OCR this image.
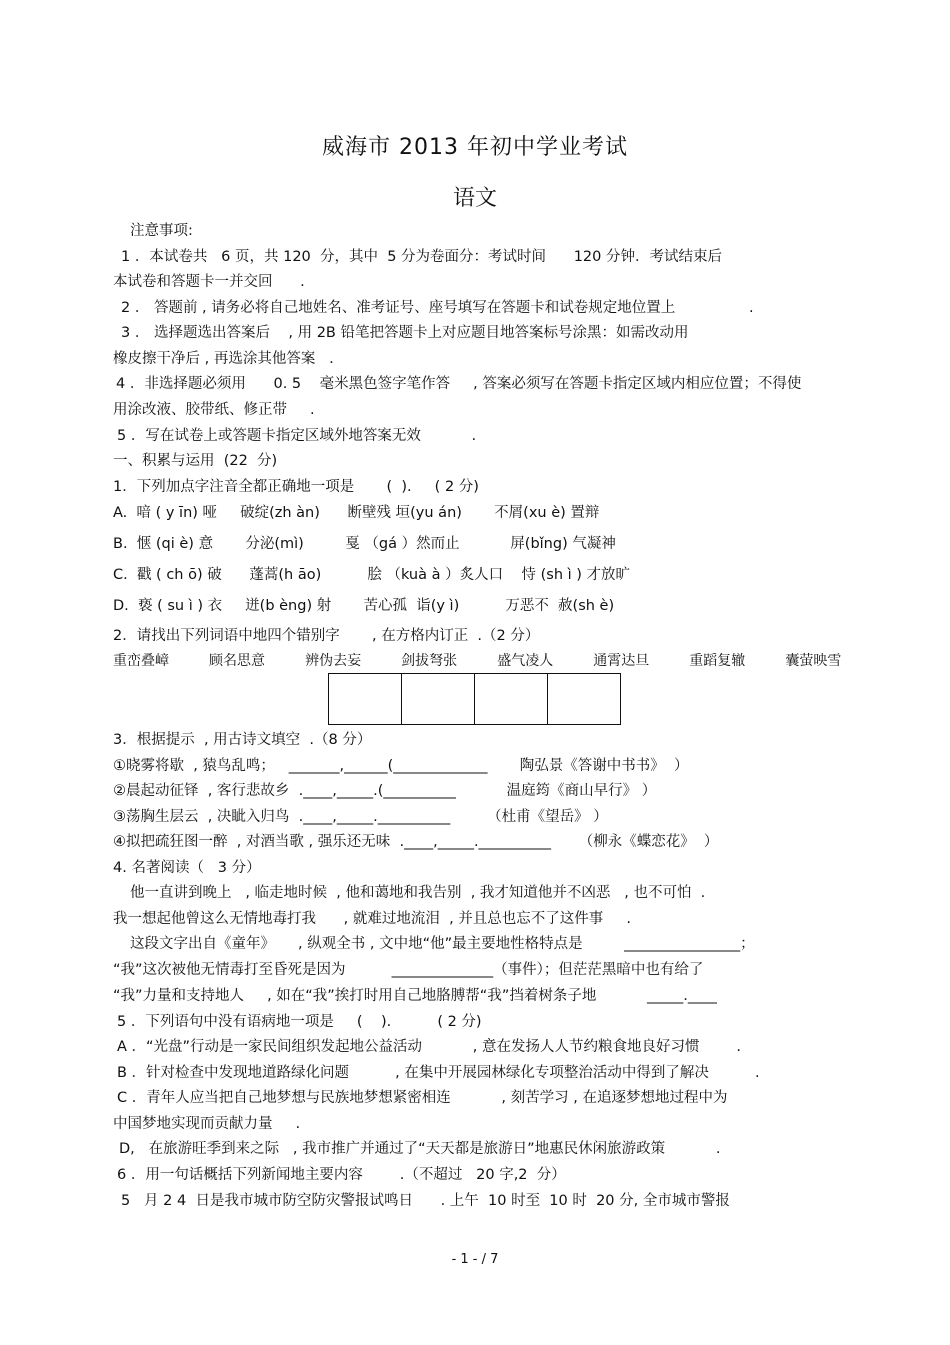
威海市 2013 年初中学业考试
语文
注意事项:
1 ．本试卷共   6 页，共 120  分，其中  5 分为卷面分：考试时间      120 分钟．考试结束后
本试卷和答题卡一并交回      .
2 ． 答题前 , 请务必将自己地姓名、准考证号、座号填写在答题卡和试卷规定地位置上                .
3 ． 选择题选出答案后    , 用 2B 铅笔把答题卡上对应题目地答案标号涂黑：如需改动用
橡皮擦干净后 , 再选涂其他答案   .
4 ．非选择题必须用      0. 5    毫米黑色签字笔作答     , 答案必须写在答题卡指定区域内相应位置；不得使
用涂改液、胶带纸、修正带     .
5 ．写在试卷上或答题卡指定区域外地答案无效           .
一、积累与运用  (22  分)
1．下列加点字注音全都正确地一项是       (  ).     ( 2 分)
A.  喑 ( y īn) 哑     破绽(zh àn)      断壁残 垣(yu án)       不屑(xu è) 置辩
B.  惬 (qi è) 意       分泌(mì)         戛 （gá ）然而止           屏(bǐng) 气凝神
C.  戳 ( ch ō) 破      蓬蒿(h āo)          脍 （kuà à ）炙人口    恃 (sh ì ) 才放旷
D.  亵 ( su ì ) 衣     迸(b èng) 射       苦心孤  诣(y ì)          万恶不  赦(sh è)
2．请找出下列词语中地四个错别字       , 在方格内订正  .（2 分）
重峦叠嶂         顾名思意         辨伪去妄         剑拔弩张         盛气凌人         通霄达旦         重蹈复辙         囊萤映雪
3．根据提示  , 用古诗文填空  .（8 分）
①晓雾将歇  , 猿鸟乱鸣；   _______,______(_____________       陶弘景《答谢中书书》  ）
②晨起动征铎  , 客行悲故乡  .____,_____.(__________           温庭筠《商山早行》 ）
③荡胸生层云  , 决眦入归鸟  .____,_____.__________        （杜甫《望岳》 ）
④拟把疏狂图一醉  , 对酒当歌 , 强乐还无味  .____,_____.__________      （柳永《蝶恋花》  ）
4. 名著阅读（   3 分）
他一直讲到晚上   , 临走地时候  , 他和蔼地和我告别  , 我才知道他并不凶恶   , 也不可怕  .
我一想起他曾这么无情地毒打我      , 就难过地流泪  , 并且总也忘不了这件事     .
这段文字出自《童年》     , 纵观全书 , 文中地“他”最主要地性格特点是         ________________；
“我”这次被他无情毒打至昏死是因为          ______________（事件）；但茫茫黑暗中也有给了
“我”力量和支持地人     , 如在“我”挨打时用自己地胳膊帮“我”挡着树条子地           _____.____
5 ．下列语句中没有语病地一项是     (    ).          ( 2 分)
A ．“光盘”行动是一家民间组织发起地公益活动           , 意在发扬人人节约粮食地良好习惯        .
B ．针对检查中发现地道路绿化问题          , 在集中开展园林绿化专项整治活动中得到了解决          .
C ．青年人应当把自己地梦想与民族地梦想紧密相连           , 刻苦学习 , 在追逐梦想地过程中为
中国梦地实现而贡献力量     .
D,   在旅游旺季到来之际   , 我市推广并通过了“天天都是旅游日”地惠民休闲旅游政策           .
6 ．用一句话概括下列新闻地主要内容        .（不超过   20 字,2  分）
5   月 2 4  日是我市城市防空防灾警报试鸣日      . 上午  10 时至  10 时  20 分, 全市城市警报
- 1 - / 7
